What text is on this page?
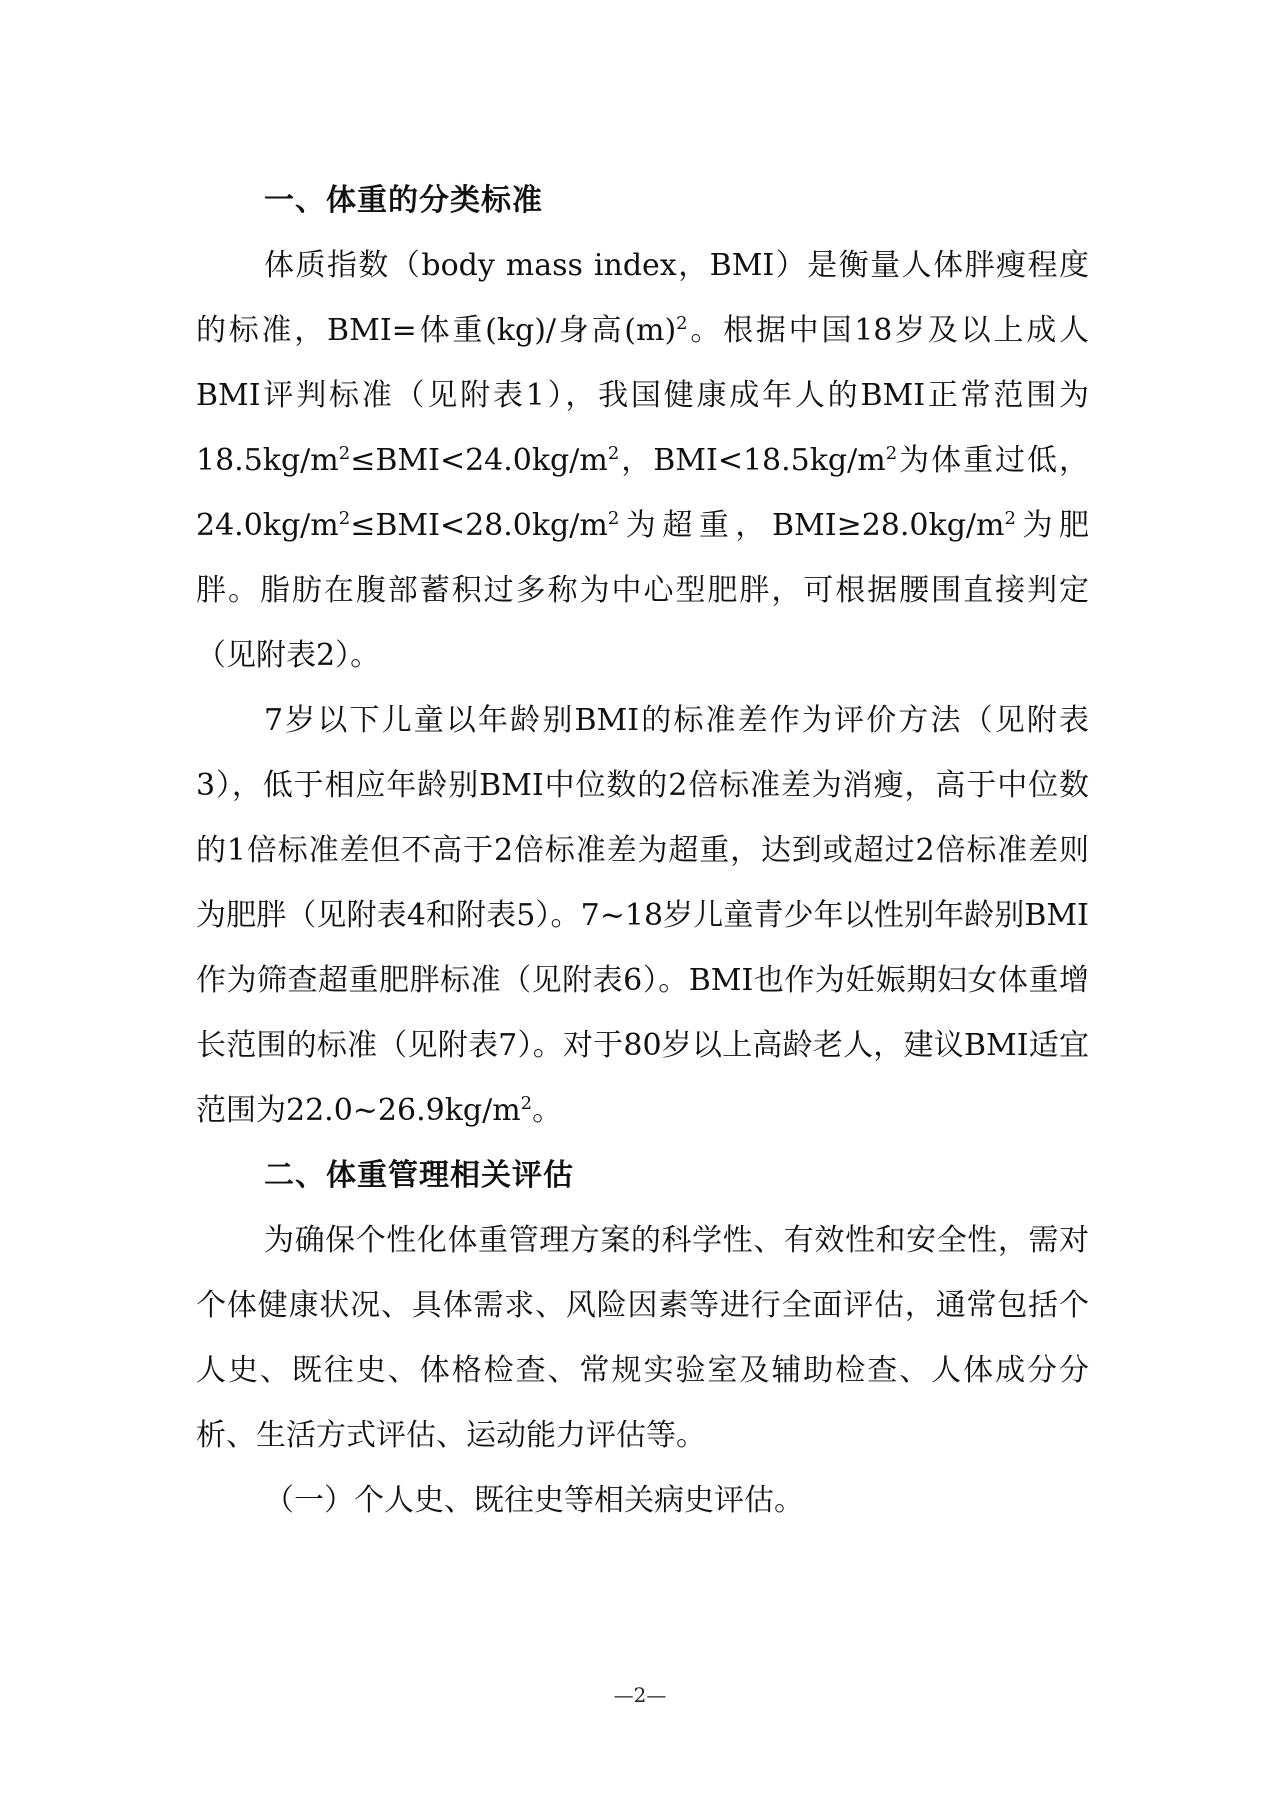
一、体重的分类标准

体质指数（body mass index，BMI）是衡量人体胖瘦程度的标准，BMI=体重(kg)/身高$(m)^2$。根据中国18岁及以上成人BMI评判标准（见附表1），我国健康成年人的BMI正常范围为$18.5kg/m^2\le BMI<24.0kg/m^2$，$BMI<18.5kg/m^2$为体重过低，$24.0kg/m^2\le BMI<28.0kg/m^2$为超重，$BMI\ge 28.0kg/m^2$为肥胖。脂肪在腹部蓄积过多称为中心型肥胖，可根据腰围直接判定（见附表2）。

7岁以下儿童以年龄别BMI的标准差作为评价方法（见附表3），低于相应年龄别BMI中位数的2倍标准差为消瘦，高于中位数的1倍标准差但不高于2倍标准差为超重，达到或超过2倍标准差则为肥胖（见附表4和附表5）。7~18岁儿童青少年以性别年龄别BMI作为筛查超重肥胖标准（见附表6）。BMI也作为妊娠期妇女体重增长范围的标准（见附表7）。对于80岁以上高龄老人，建议BMI适宜范围为$22.0\sim 26.9kg/m^2$。

二、体重管理相关评估

为确保个性化体重管理方案的科学性、有效性和安全性，需对个体健康状况、具体需求、风险因素等进行全面评估，通常包括个人史、既往史、体格检查、常规实验室及辅助检查、人体成分分析、生活方式评估、运动能力评估等。

（一）个人史、既往史等相关病史评估。

—2—
